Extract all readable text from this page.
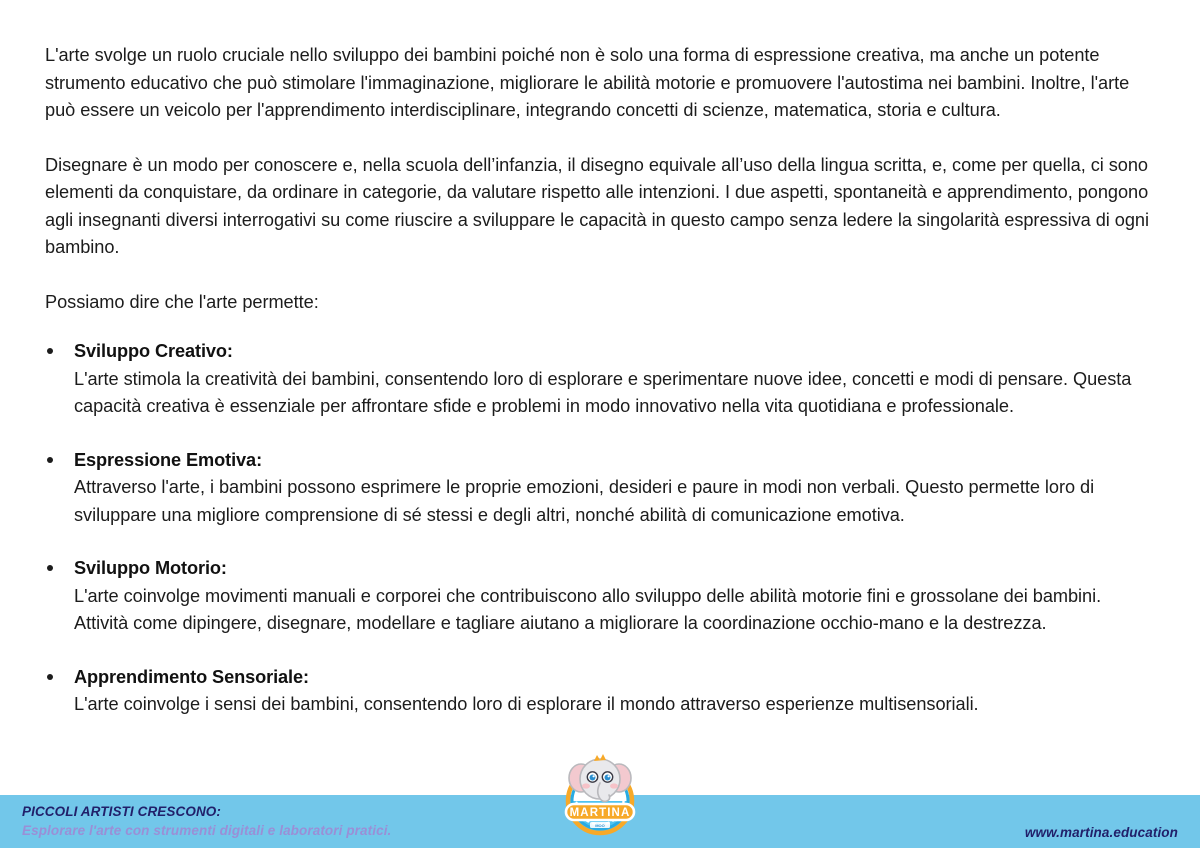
L'arte svolge un ruolo cruciale nello sviluppo dei bambini poiché non è solo una forma di espressione creativa, ma anche un potente strumento educativo che può stimolare l'immaginazione, migliorare le abilità motorie e promuovere l'autostima nei bambini. Inoltre, l'arte può essere un veicolo per l'apprendimento interdisciplinare, integrando concetti di scienze, matematica, storia e cultura.

Disegnare è un modo per conoscere e, nella scuola dell’infanzia, il disegno equivale all’uso della lingua scritta, e, come per quella, ci sono elementi da conquistare, da ordinare in categorie, da valutare rispetto alle intenzioni. I due aspetti, spontaneità e apprendimento, pongono agli insegnanti diversi interrogativi su come riuscire a sviluppare le capacità in questo campo senza ledere la singolarità espressiva di ogni bambino.

Possiamo dire che l'arte permette:

Sviluppo Creativo:
L'arte stimola la creatività dei bambini, consentendo loro di esplorare e sperimentare nuove idee, concetti e modi di pensare. Questa capacità creativa è essenziale per affrontare sfide e problemi in modo innovativo nella vita quotidiana e professionale.
Espressione Emotiva:
Attraverso l'arte, i bambini possono esprimere le proprie emozioni, desideri e paure in modi non verbali. Questo permette loro di sviluppare una migliore comprensione di sé stessi e degli altri, nonché abilità di comunicazione emotiva.
Sviluppo Motorio:
L'arte coinvolge movimenti manuali e corporei che contribuiscono allo sviluppo delle abilità motorie fini e grossolane dei bambini. Attività come dipingere, disegnare, modellare e tagliare aiutano a migliorare la coordinazione occhio-mano e la destrezza.
Apprendimento Sensoriale:
L'arte coinvolge i sensi dei bambini, consentendo loro di esplorare il mondo attraverso esperienze multisensoriali.
PICCOLI ARTISTI CRESCONO:
Esplorare l'arte con strumenti digitali e laboratori pratici.	www.martina.education
MARTINA
MOO
